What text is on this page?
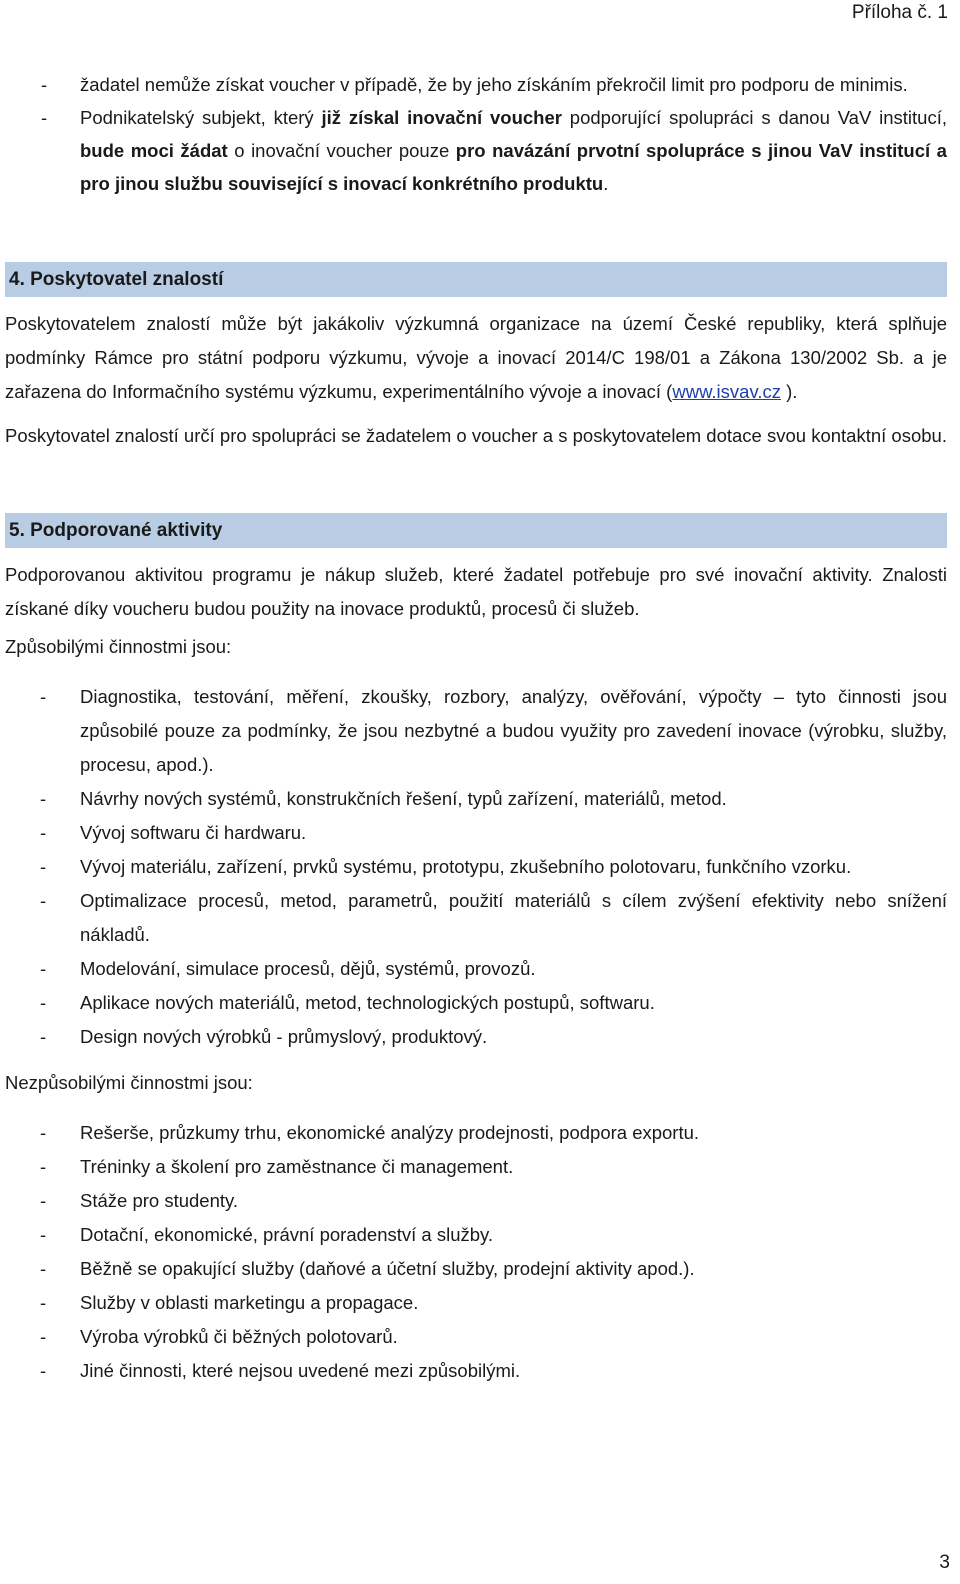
Příloha č. 1
- žadatel nemůže získat voucher v případě, že by jeho získáním překročil limit pro podporu de minimis.
- Podnikatelský subjekt, který již získal inovační voucher podporující spolupráci s danou VaV institucí, bude moci žádat o inovační voucher pouze pro navázání prvotní spolupráce s jinou VaV institucí a pro jinou službu související s inovací konkrétního produktu.
4. Poskytovatel znalostí

Poskytovatelem znalostí může být jakákoliv výzkumná organizace na území České republiky, která splňuje podmínky Rámce pro státní podporu výzkumu, vývoje a inovací 2014/C 198/01 a Zákona 130/2002 Sb. a je zařazena do Informačního systému výzkumu, experimentálního vývoje a inovací (www.isvav.cz ).

Poskytovatel znalostí určí pro spolupráci se žadatelem o voucher a s poskytovatelem dotace svou kontaktní osobu.

5. Podporované aktivity

Podporovanou aktivitou programu je nákup služeb, které žadatel potřebuje pro své inovační aktivity. Znalosti získané díky voucheru budou použity na inovace produktů, procesů či služeb.

Způsobilými činnostmi jsou:

- Diagnostika, testování, měření, zkoušky, rozbory, analýzy, ověřování, výpočty – tyto činnosti jsou způsobilé pouze za podmínky, že jsou nezbytné a budou využity pro zavedení inovace (výrobku, služby, procesu, apod.).
- Návrhy nových systémů, konstrukčních řešení, typů zařízení, materiálů, metod.
- Vývoj softwaru či hardwaru.
- Vývoj materiálu, zařízení, prvků systému, prototypu, zkušebního polotovaru, funkčního vzorku.
- Optimalizace procesů, metod, parametrů, použití materiálů s cílem zvýšení efektivity nebo snížení nákladů.
- Modelování, simulace procesů, dějů, systémů, provozů.
- Aplikace nových materiálů, metod, technologických postupů, softwaru.
- Design nových výrobků - průmyslový, produktový.

Nezpůsobilými činnostmi jsou:

- Rešerše, průzkumy trhu, ekonomické analýzy prodejnosti, podpora exportu.
- Tréninky a školení pro zaměstnance či management.
- Stáže pro studenty.
- Dotační, ekonomické, právní poradenství a služby.
- Běžně se opakující služby (daňové a účetní služby, prodejní aktivity apod.).
- Služby v oblasti marketingu a propagace.
- Výroba výrobků či běžných polotovarů.
- Jiné činnosti, které nejsou uvedené mezi způsobilými.
3
